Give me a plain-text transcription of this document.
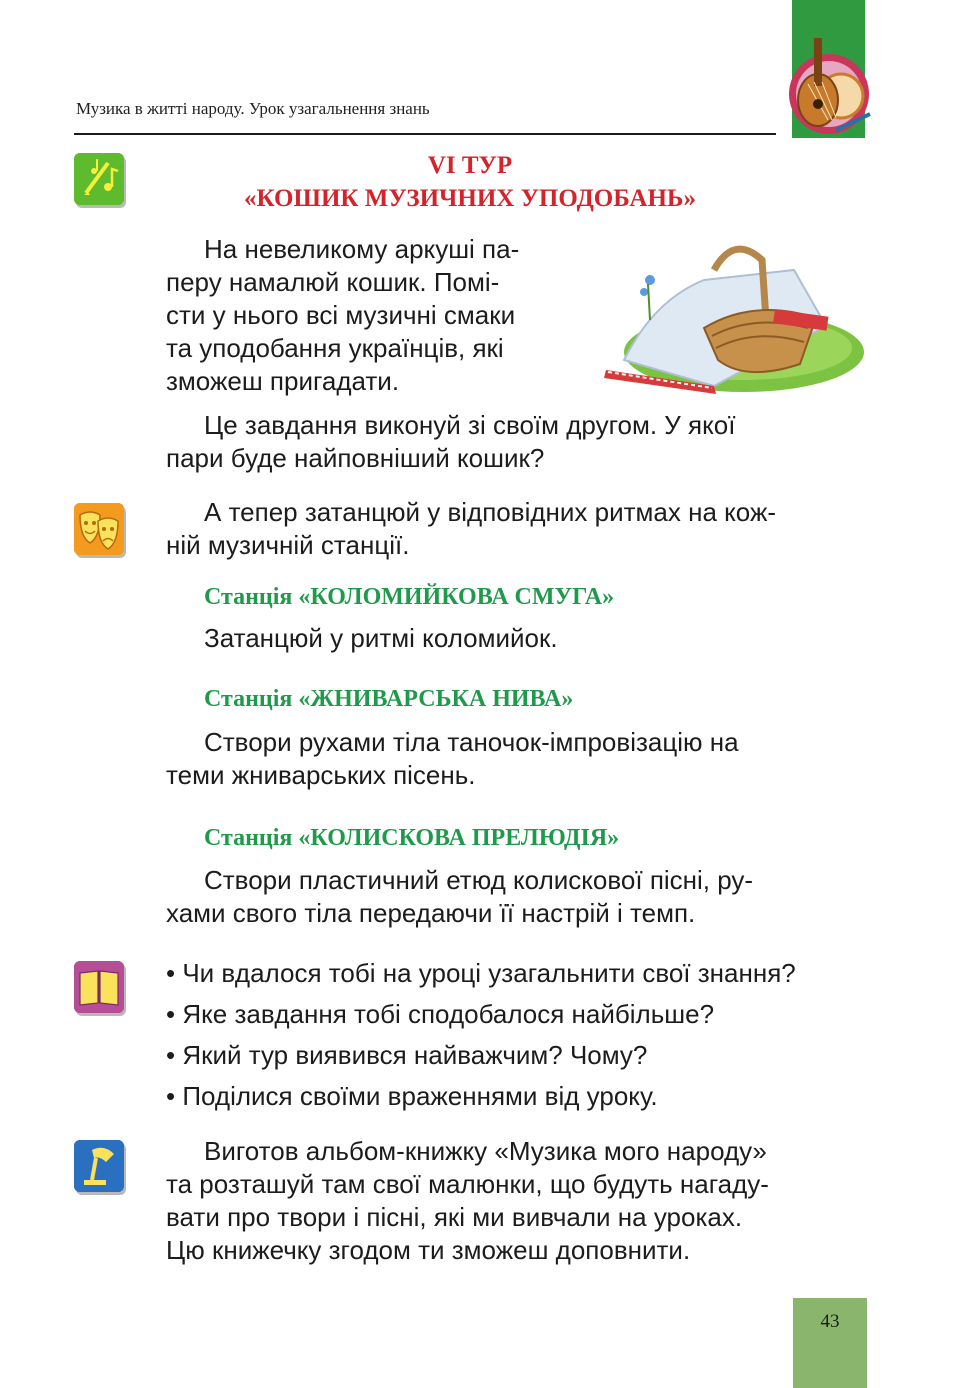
Музика в житті народу. Урок узагальнення знань
VI ТУР
«КОШИК МУЗИЧНИХ УПОДОБАНЬ»
На невеликому аркуші па-
перу намалюй кошик. Помі-
сти у нього всі музичні смаки
та уподобання українців, які
зможеш пригадати.
Це завдання виконуй зі своїм другом. У якої
пари буде найповніший кошик?
А тепер затанцюй у відповідних ритмах на кож-
ній музичній станції.
Станція «КОЛОМИЙКОВА СМУГА»
Затанцюй у ритмі коломийок.
Станція «ЖНИВАРСЬКА НИВА»
Створи рухами тіла таночок-імпровізацію на
теми жниварських пісень.
Станція «КОЛИСКОВА ПРЕЛЮДІЯ»
Створи пластичний етюд колискової пісні, ру-
хами свого тіла передаючи її настрій і темп.
• Чи вдалося тобі на уроці узагальнити свої знання?
• Яке завдання тобі сподобалося найбільше?
• Який тур виявився найважчим? Чому?
• Поділися своїми враженнями від уроку.
Виготов альбом-книжку «Музика мого народу»
та розташуй там свої малюнки, що будуть нагаду-
вати про твори і пісні, які ми вивчали на уроках.
Цю книжечку згодом ти зможеш доповнити.
43
